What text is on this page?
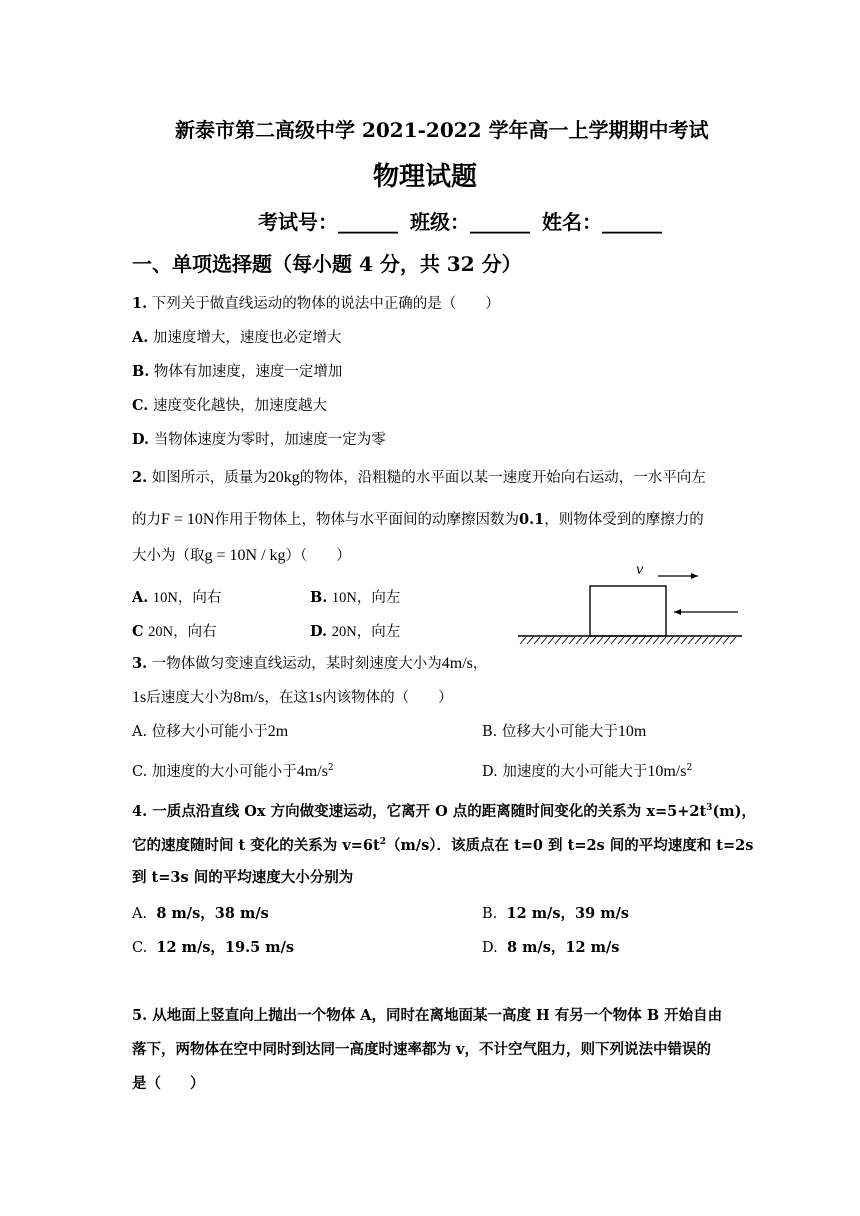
新泰市第二高级中学 2021-2022 学年高一上学期期中考试
物理试题
考试号：______ 班级：______ 姓名：______
一、单项选择题（每小题 4 分，共 32 分）
1. 下列关于做直线运动的物体的说法中正确的是（　　）
A. 加速度增大，速度也必定增大
B. 物体有加速度，速度一定增加
C. 速度变化越快，加速度越大
D. 当物体速度为零时，加速度一定为零
2. 如图所示，质量为20kg的物体，沿粗糙的水平面以某一速度开始向右运动，一水平向左
的力F = 10N作用于物体上，物体与水平面间的动摩擦因数为0.1，则物体受到的摩擦力的
大小为（取g = 10N / kg）（　　）
A. 10N，向右	B. 10N，向左
C 20N，向右	D. 20N，向左
v
3. 一物体做匀变速直线运动，某时刻速度大小为4m/s，
1s后速度大小为8m/s，在这1s内该物体的（　　）
A. 位移大小可能小于2m	B. 位移大小可能大于10m
C. 加速度的大小可能小于$4m/s^2$	D. 加速度的大小可能大于$10m/s^2$
4. 一质点沿直线 Ox 方向做变速运动，它离开 O 点的距离随时间变化的关系为 $x=5+2t^3(m)$，
它的速度随时间 t 变化的关系为 $v=6t^2(m/s)$．该质点在 t=0 到 t=2s 间的平均速度和 t=2s
到 t=3s 间的平均速度大小分别为
A. 8 m/s，38 m/s	B. 12 m/s，39 m/s
C. 12 m/s，19.5 m/s	D. 8 m/s，12 m/s
5. 从地面上竖直向上抛出一个物体 A，同时在离地面某一高度 H 有另一个物体 B 开始自由
落下，两物体在空中同时到达同一高度时速率都为 v，不计空气阻力，则下列说法中错误的
是（　　）
